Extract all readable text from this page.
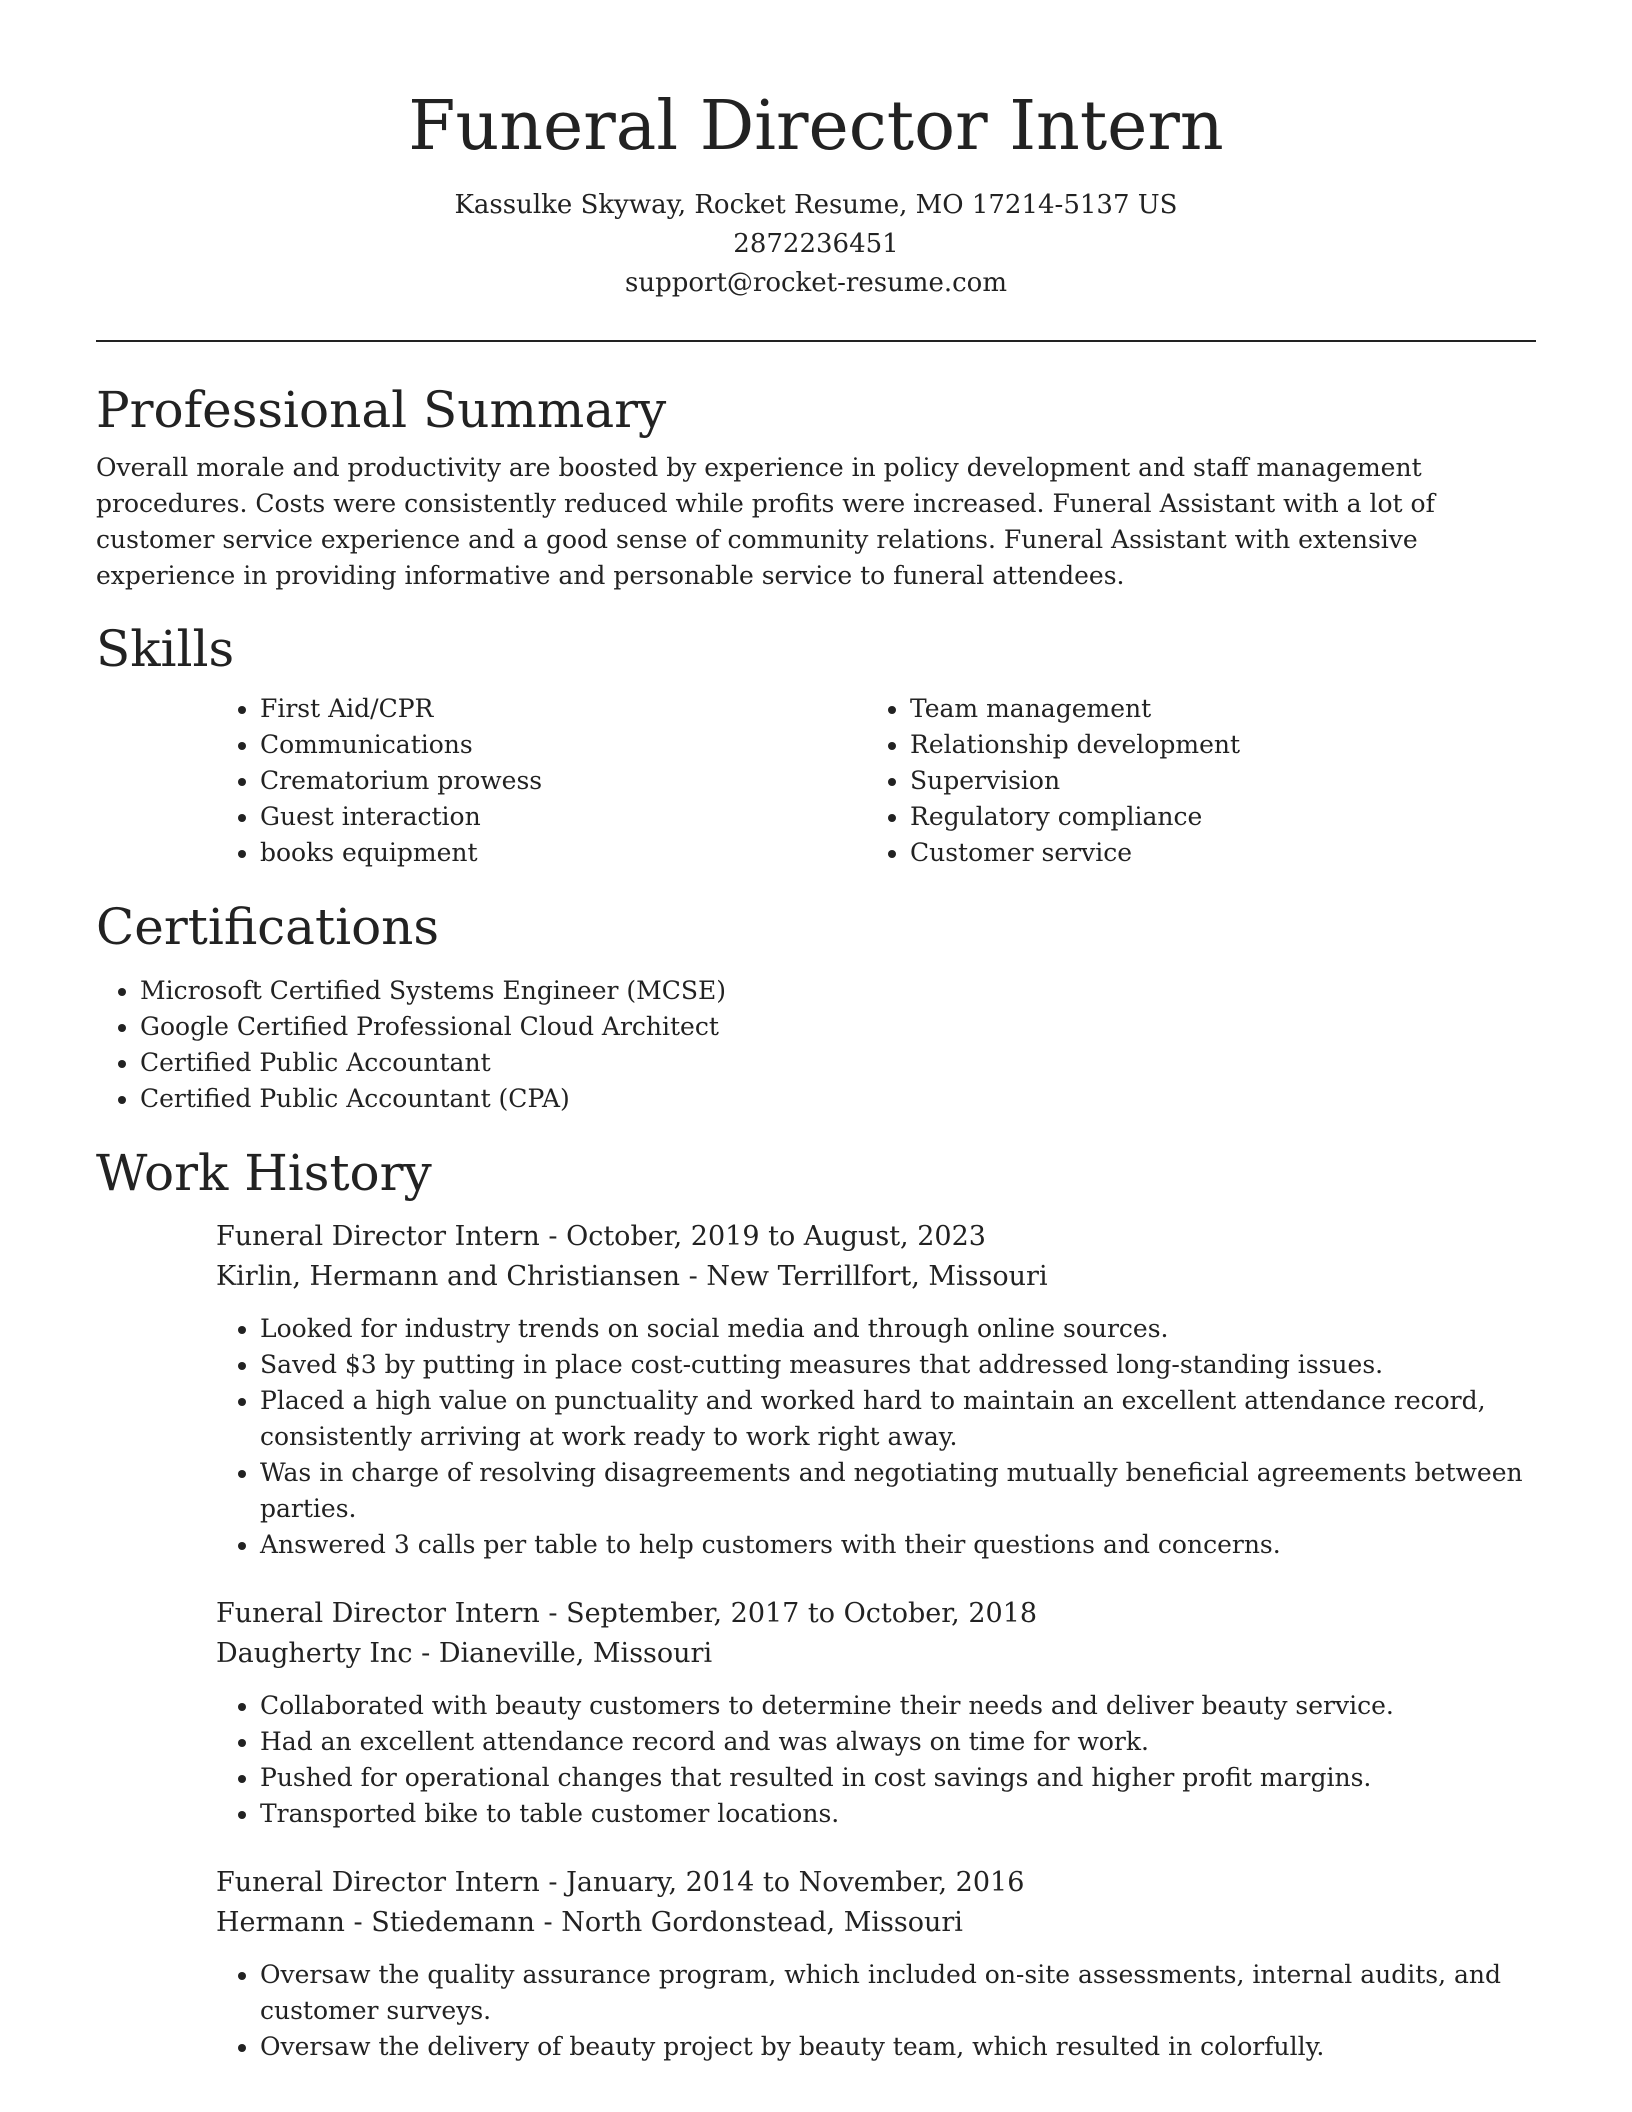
Funeral Director Intern

Kassulke Skyway, Rocket Resume, MO 17214-5137 US

2872236451

support@rocket-resume.com

Professional Summary

Overall morale and productivity are boosted by experience in policy development and staff management procedures. Costs were consistently reduced while profits were increased. Funeral Assistant with a lot of customer service experience and a good sense of community relations. Funeral Assistant with extensive experience in providing informative and personable service to funeral attendees.

Skills
• First Aid/CPR
• Communications
• Crematorium prowess
• Guest interaction
• books equipment
• Team management
• Relationship development
• Supervision
• Regulatory compliance
• Customer service
Certifications
• Microsoft Certified Systems Engineer (MCSE)
• Google Certified Professional Cloud Architect
• Certified Public Accountant
• Certified Public Accountant (CPA)
Work History

Funeral Director Intern - October, 2019 to August, 2023

Kirlin, Hermann and Christiansen - New Terrillfort, Missouri

• Looked for industry trends on social media and through online sources.
• Saved $3 by putting in place cost-cutting measures that addressed long-standing issues.
• Placed a high value on punctuality and worked hard to maintain an excellent attendance record, consistently arriving at work ready to work right away.
• Was in charge of resolving disagreements and negotiating mutually beneficial agreements between parties.
• Answered 3 calls per table to help customers with their questions and concerns.

Funeral Director Intern - September, 2017 to October, 2018

Daugherty Inc - Dianeville, Missouri

• Collaborated with beauty customers to determine their needs and deliver beauty service.
• Had an excellent attendance record and was always on time for work.
• Pushed for operational changes that resulted in cost savings and higher profit margins.
• Transported bike to table customer locations.

Funeral Director Intern - January, 2014 to November, 2016

Hermann - Stiedemann - North Gordonstead, Missouri

• Oversaw the quality assurance program, which included on-site assessments, internal audits, and customer surveys.
• Oversaw the delivery of beauty project by beauty team, which resulted in colorfully.
